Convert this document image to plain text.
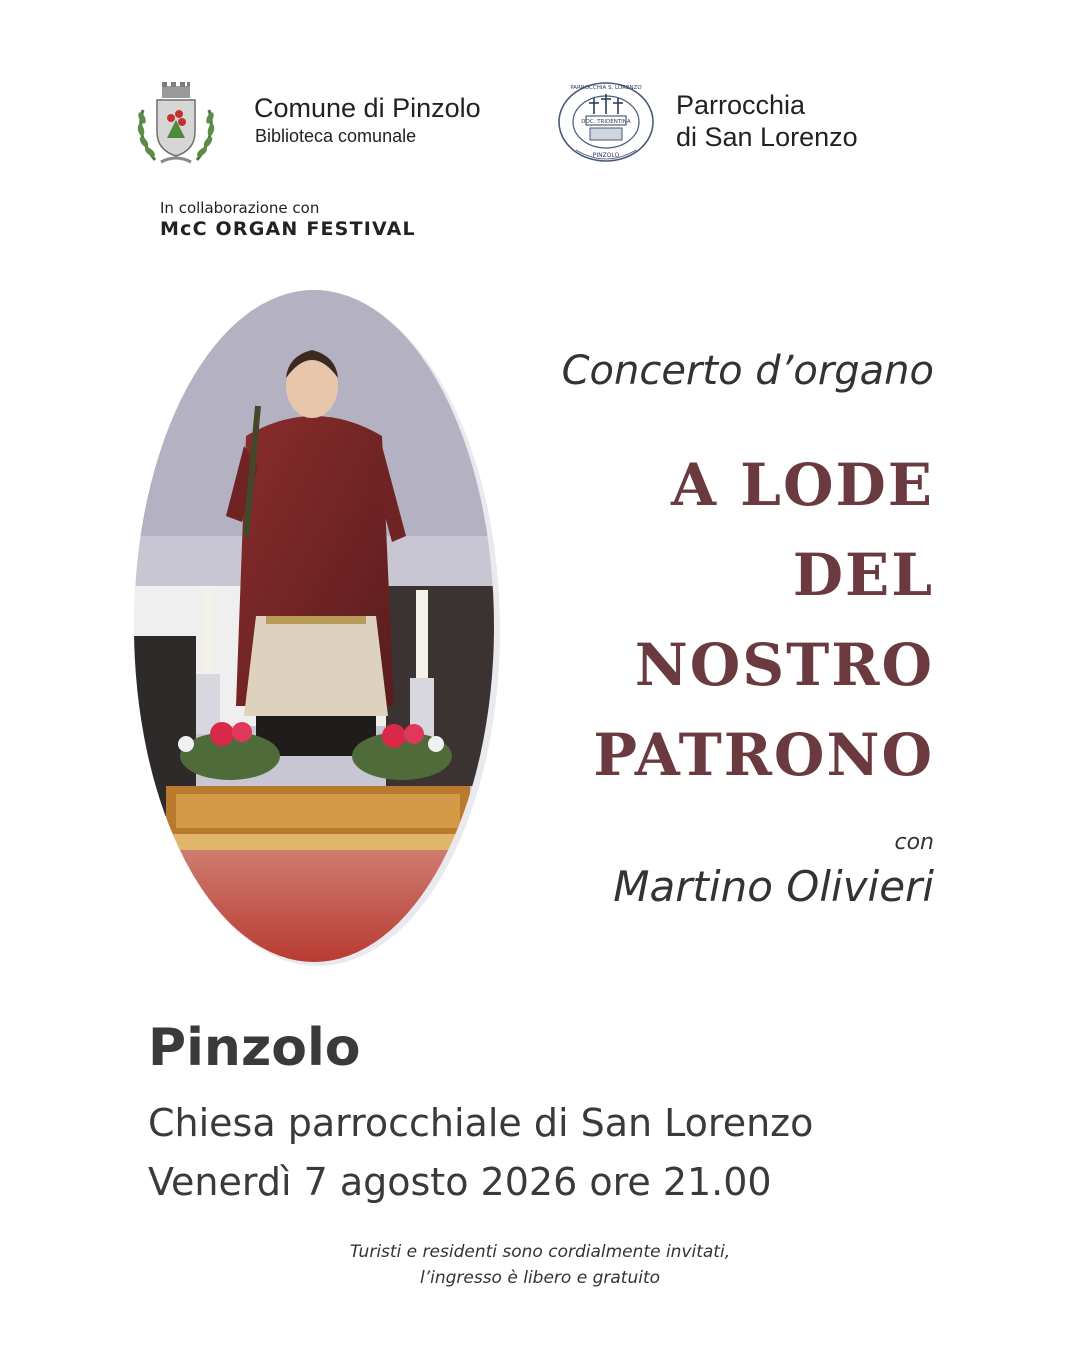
Comune di Pinzolo
Biblioteca comunale
DOC. TRIDENTINA
PINZOLO
PARROCCHIA S. LORENZO
Parrocchia
di San Lorenzo
In collaborazione con
McC ORGAN FESTIVAL
Concerto d’organo
A LODE
DEL
NOSTRO
PATRONO
con
Martino Olivieri
Pinzolo
Chiesa parrocchiale di San Lorenzo
Venerdì 7 agosto 2026 ore 21.00
Turisti e residenti sono cordialmente invitati,
l’ingresso è libero e gratuito
